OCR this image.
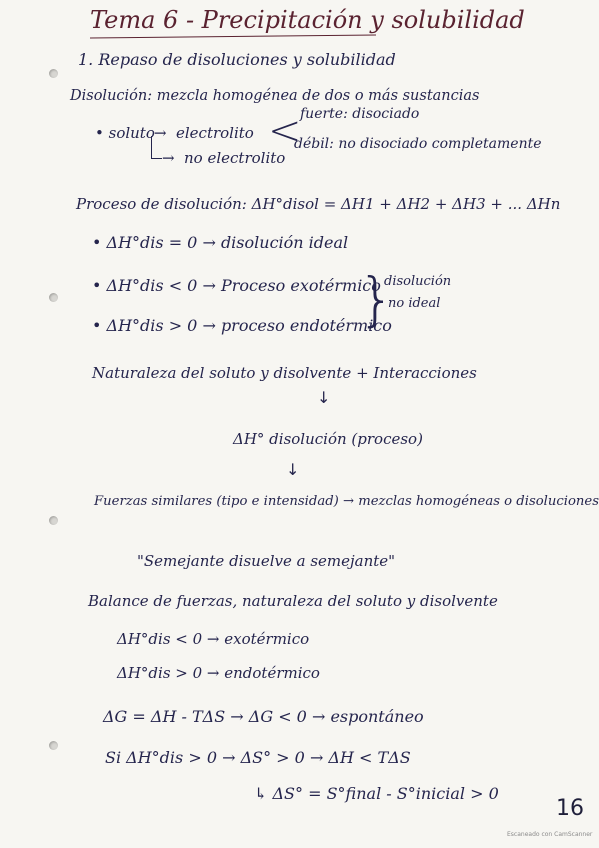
Tema 6 - Precipitación y solubilidad
1. Repaso de disoluciones y solubilidad
Disolución: mezcla homogénea de dos o más sustancias
• soluto → electrolito
→ no electrolito
<
fuerte: disociado
débil: no disociado completamente
Proceso de disolución: ΔH°disol = ΔH1 + ΔH2 + ΔH3 + ... ΔHn
• ΔH°dis = 0 → disolución ideal
• ΔH°dis < 0 → Proceso exotérmico
• ΔH°dis > 0 → proceso endotérmico
}
disolución
no ideal
Naturaleza del soluto y disolvente + Interacciones
↓
ΔH° disolución (proceso)
↓
Fuerzas similares (tipo e intensidad) → mezclas homogéneas o disoluciones
"Semejante disuelve a semejante"
Balance de fuerzas, naturaleza del soluto y disolvente
ΔH°dis < 0 → exotérmico
ΔH°dis > 0 → endotérmico
ΔG = ΔH - TΔS → ΔG < 0 → espontáneo
Si ΔH°dis > 0 → ΔS° > 0 → ΔH < TΔS
↳ ΔS° = S°final - S°inicial > 0
16
Escaneado con CamScanner
